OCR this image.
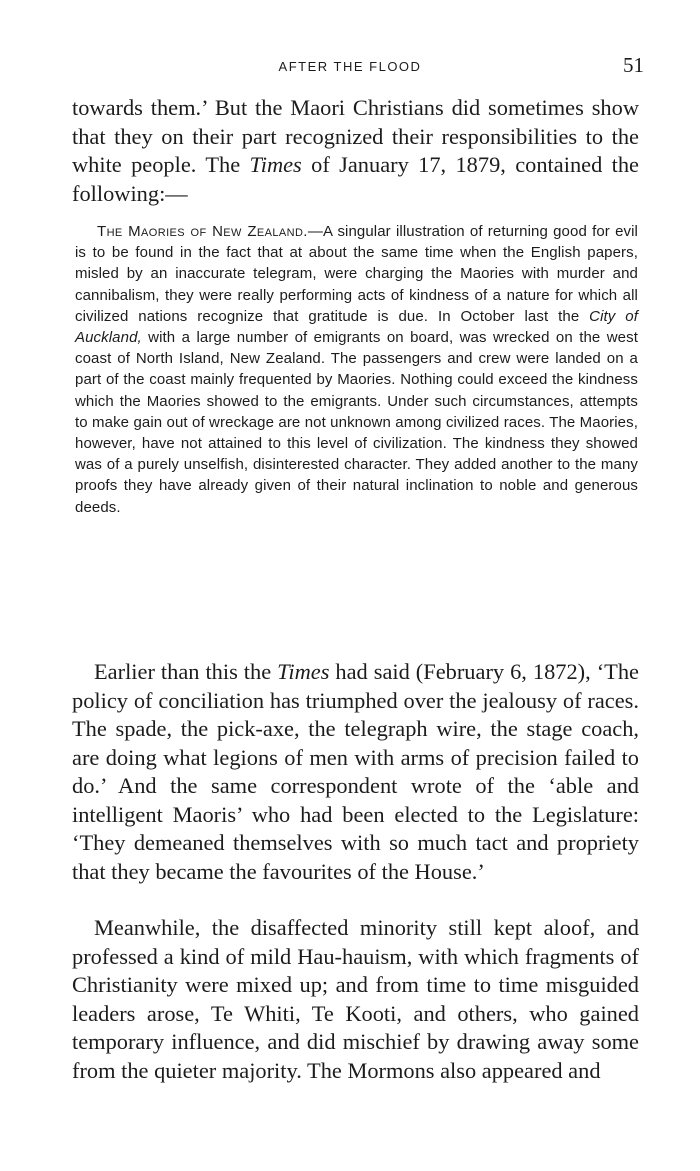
AFTER THE FLOOD	51

towards them.’ But the Maori Christians did sometimes show that they on their part recognized their responsibilities to the white people. The Times of January 17, 1879, contained the following:—

The Maories of New Zealand.—A singular illustration of returning good for evil is to be found in the fact that at about the same time when the English papers, misled by an inaccurate telegram, were charging the Maories with murder and cannibalism, they were really performing acts of kindness of a nature for which all civilized nations recognize that gratitude is due. In October last the City of Auckland, with a large number of emigrants on board, was wrecked on the west coast of North Island, New Zealand. The passengers and crew were landed on a part of the coast mainly frequented by Maories. Nothing could exceed the kindness which the Maories showed to the emigrants. Under such circumstances, attempts to make gain out of wreckage are not unknown among civilized races. The Maories, however, have not attained to this level of civilization. The kindness they showed was of a purely unselfish, disinterested character. They added another to the many proofs they have already given of their natural inclination to noble and generous deeds.

Earlier than this the Times had said (February 6, 1872), ‘The policy of conciliation has triumphed over the jealousy of races. The spade, the pick-axe, the telegraph wire, the stage coach, are doing what legions of men with arms of precision failed to do.’ And the same correspondent wrote of the ‘able and intelligent Maoris’ who had been elected to the Legislature: ‘They demeaned themselves with so much tact and propriety that they became the favourites of the House.’

Meanwhile, the disaffected minority still kept aloof, and professed a kind of mild Hau-hauism, with which fragments of Christianity were mixed up; and from time to time misguided leaders arose, Te Whiti, Te Kooti, and others, who gained temporary influence, and did mischief by drawing away some from the quieter majority. The Mormons also appeared and
